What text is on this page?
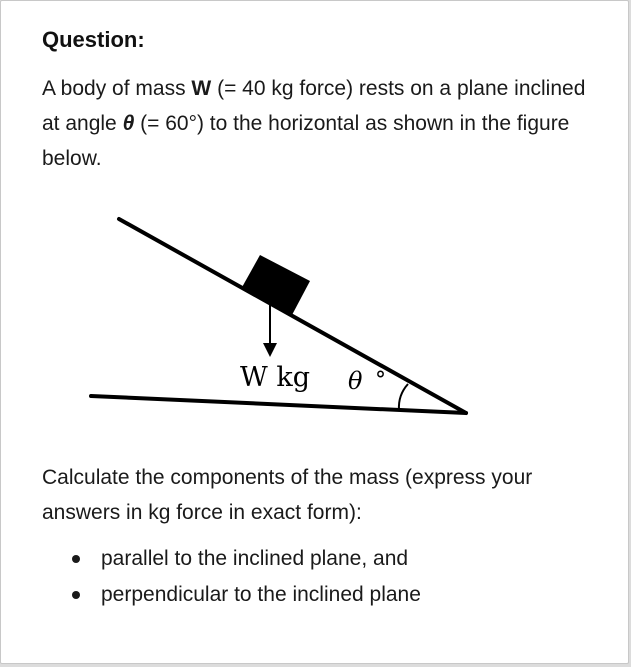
Question:

A body of mass W (= 40 kg force) rests on a plane inclined at angle θ (= 60°) to the horizontal as shown in the figure below.

W kg θ °

Calculate the components of the mass (express your answers in kg force in exact form):

parallel to the inclined plane, and
perpendicular to the inclined plane
